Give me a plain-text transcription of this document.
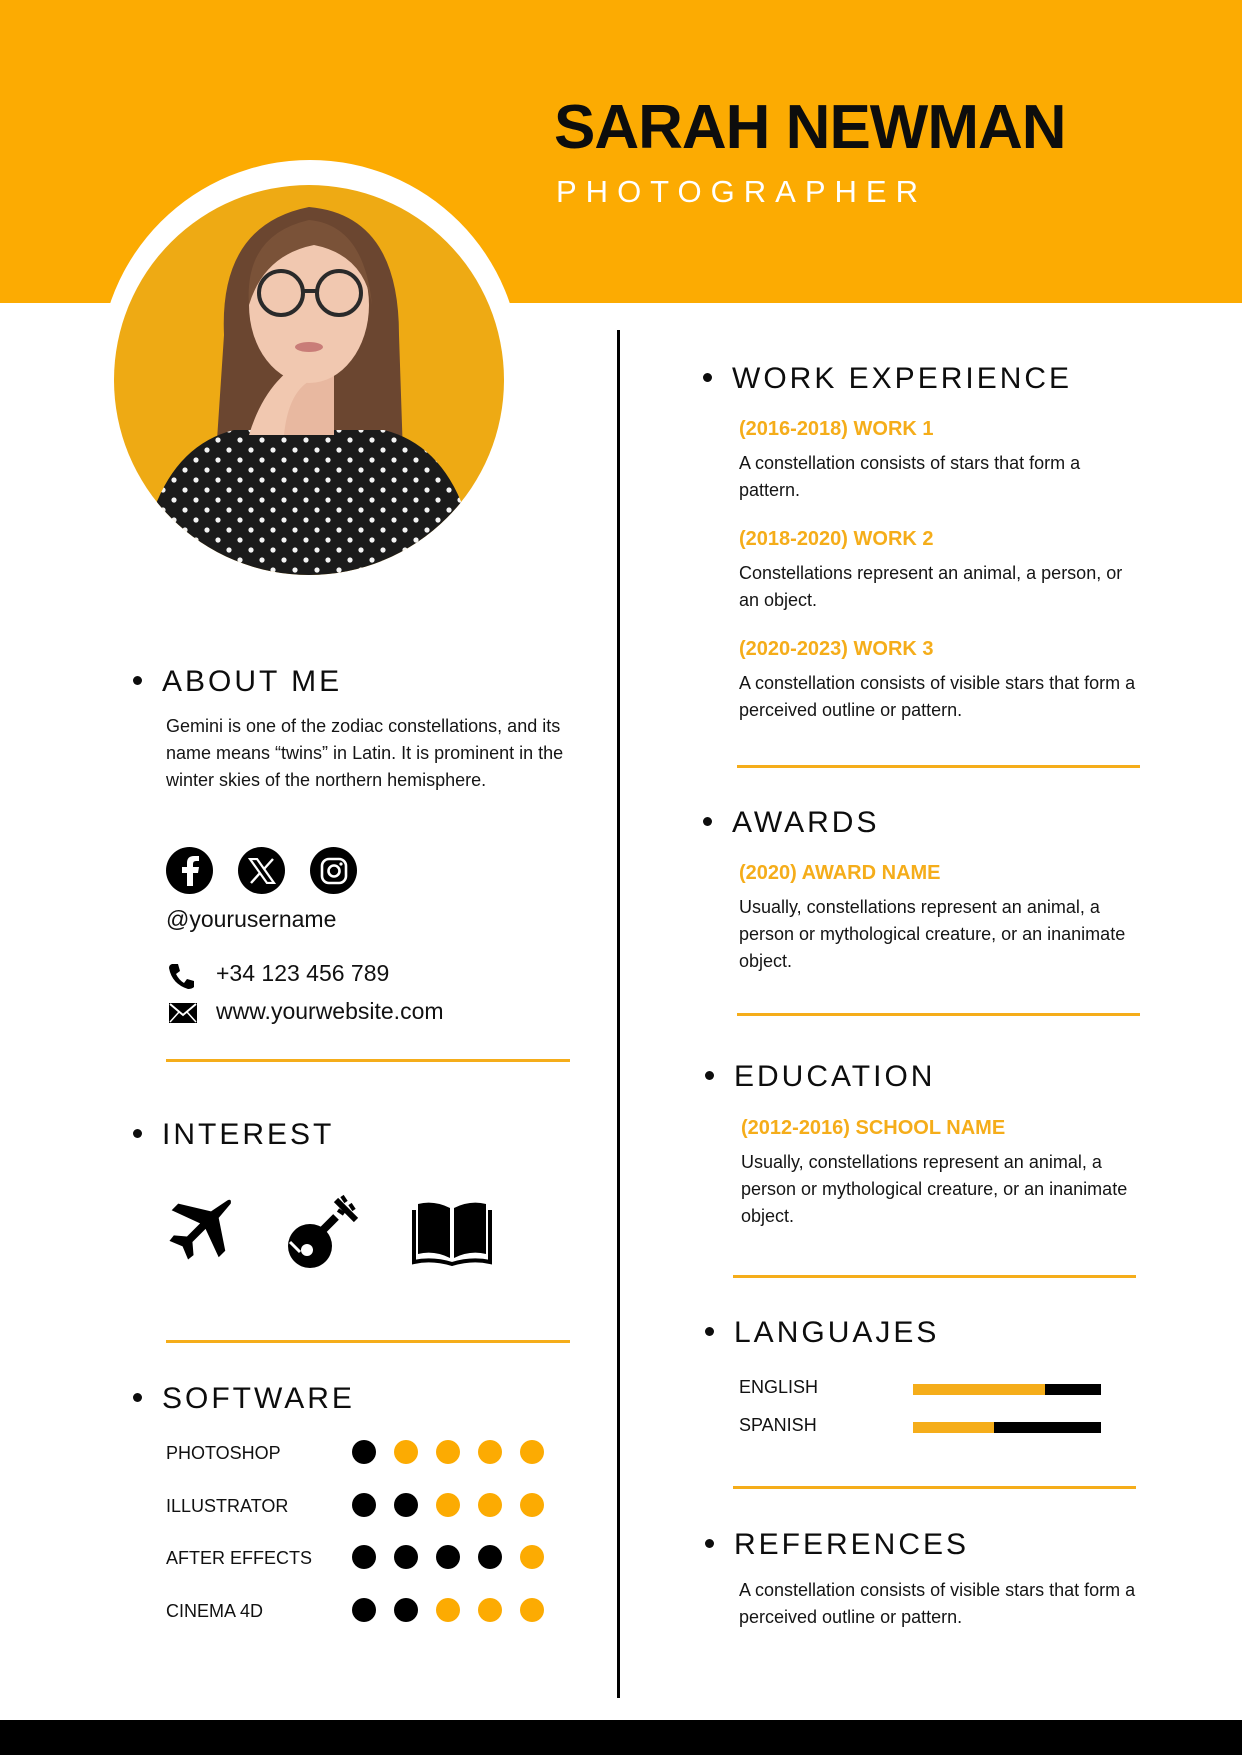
SARAH NEWMAN
PHOTOGRAPHER
ABOUT ME
Gemini is one of the zodiac constellations, and its name means “twins” in Latin. It is prominent in the winter skies of the northern hemisphere.
@yourusername
+34 123 456 789
www.yourwebsite.com
INTEREST
SOFTWARE
PHOTOSHOP
ILLUSTRATOR
AFTER EFFECTS
CINEMA 4D
WORK EXPERIENCE
(2016-2018) WORK 1
A constellation consists of stars that form a pattern.
(2018-2020) WORK 2
Constellations represent an animal, a person, or an object.
(2020-2023) WORK 3
A constellation consists of visible stars that form a perceived outline or pattern.
AWARDS
(2020) AWARD NAME
Usually, constellations represent an animal, a person or mythological creature, or an inanimate object.
EDUCATION
(2012-2016) SCHOOL NAME
Usually, constellations represent an animal, a person or mythological creature, or an inanimate object.
LANGUAJES
ENGLISH
SPANISH
REFERENCES
A constellation consists of visible stars that form a perceived outline or pattern.
